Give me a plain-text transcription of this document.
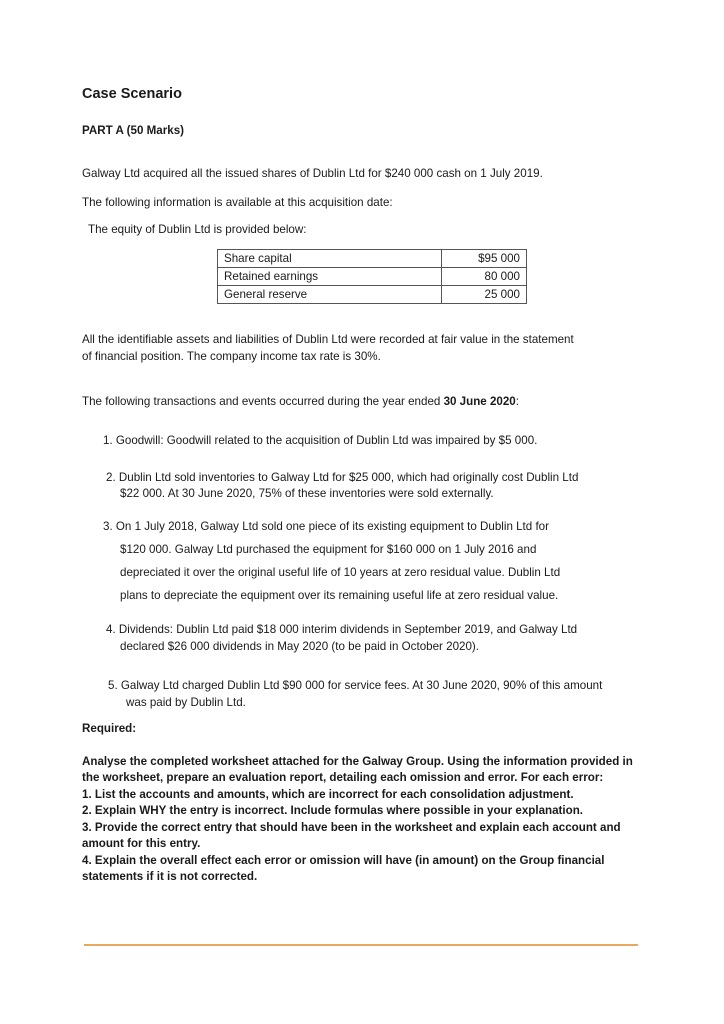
Case Scenario
PART A (50 Marks)
Galway Ltd acquired all the issued shares of Dublin Ltd for $240 000 cash on 1 July 2019.
The following information is available at this acquisition date:
The equity of Dublin Ltd is provided below:
Share capital	$95 000
Retained earnings	80 000
General reserve	25 000
All the identifiable assets and liabilities of Dublin Ltd were recorded at fair value in the statement
of financial position. The company income tax rate is 30%.
The following transactions and events occurred during the year ended 30 June 2020:
1. Goodwill: Goodwill related to the acquisition of Dublin Ltd was impaired by $5 000.
2. Dublin Ltd sold inventories to Galway Ltd for $25 000, which had originally cost Dublin Ltd
$22 000. At 30 June 2020, 75% of these inventories were sold externally.
3. On 1 July 2018, Galway Ltd sold one piece of its existing equipment to Dublin Ltd for
$120 000. Galway Ltd purchased the equipment for $160 000 on 1 July 2016 and
depreciated it over the original useful life of 10 years at zero residual value. Dublin Ltd
plans to depreciate the equipment over its remaining useful life at zero residual value.
4. Dividends: Dublin Ltd paid $18 000 interim dividends in September 2019, and Galway Ltd
declared $26 000 dividends in May 2020 (to be paid in October 2020).
5. Galway Ltd charged Dublin Ltd $90 000 for service fees. At 30 June 2020, 90% of this amount
was paid by Dublin Ltd.
Required:
Analyse the completed worksheet attached for the Galway Group. Using the information provided in
the worksheet, prepare an evaluation report, detailing each omission and error. For each error:
1. List the accounts and amounts, which are incorrect for each consolidation adjustment.
2. Explain WHY the entry is incorrect. Include formulas where possible in your explanation.
3. Provide the correct entry that should have been in the worksheet and explain each account and
amount for this entry.
4. Explain the overall effect each error or omission will have (in amount) on the Group financial
statements if it is not corrected.
